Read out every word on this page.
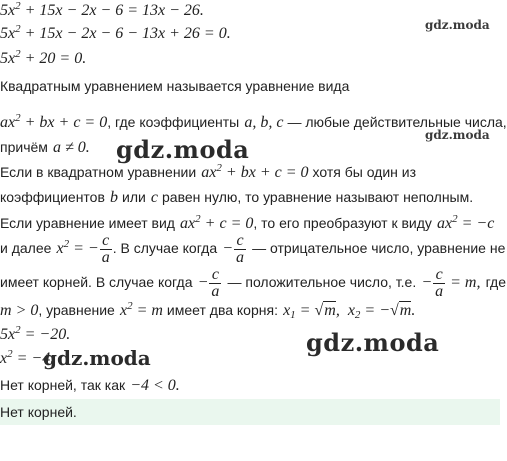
$5x^2 + 15x - 2x - 6 = 13x - 26$.
$5x^2 + 15x - 2x - 6 - 13x + 26 = 0$.
$5x^2 + 20 = 0$.
Квадратным уравнением называется уравнение вида
$ax^2$ + bx + c = 0, где коэффициенты a, b, c — любые действительные числа,
причём a ≠ 0.
Если в квадратном уравнении $ax^2$ + bx + c = 0 хотя бы один из
коэффициентов b или c равен нулю, то уравнение называют неполным.
Если уравнение имеет вид $ax^2 + c = 0$, то его преобразуют к виду $ax^2 = -c$
и далее $x^2$ = − $\frac{c}{a}$ . В случае когда − $\frac{c}{a}$ — отрицательное число, уравнение не
имеет корней. В случае когда − $\frac{c}{a}$ — положительное число, т.е. − $\frac{c}{a} = m$, где
m > 0, уравнение $x^2 = m$ имеет два корня: $x_1 = √m$,  $x_2 = -√m$.
$5x^2 = -20$.
$x^2 = -4$.
Нет корней, так как −4 < 0.
Нет корней.
gdz.moda
gdz.moda
gdz.moda
gdz.moda
gdz.moda
